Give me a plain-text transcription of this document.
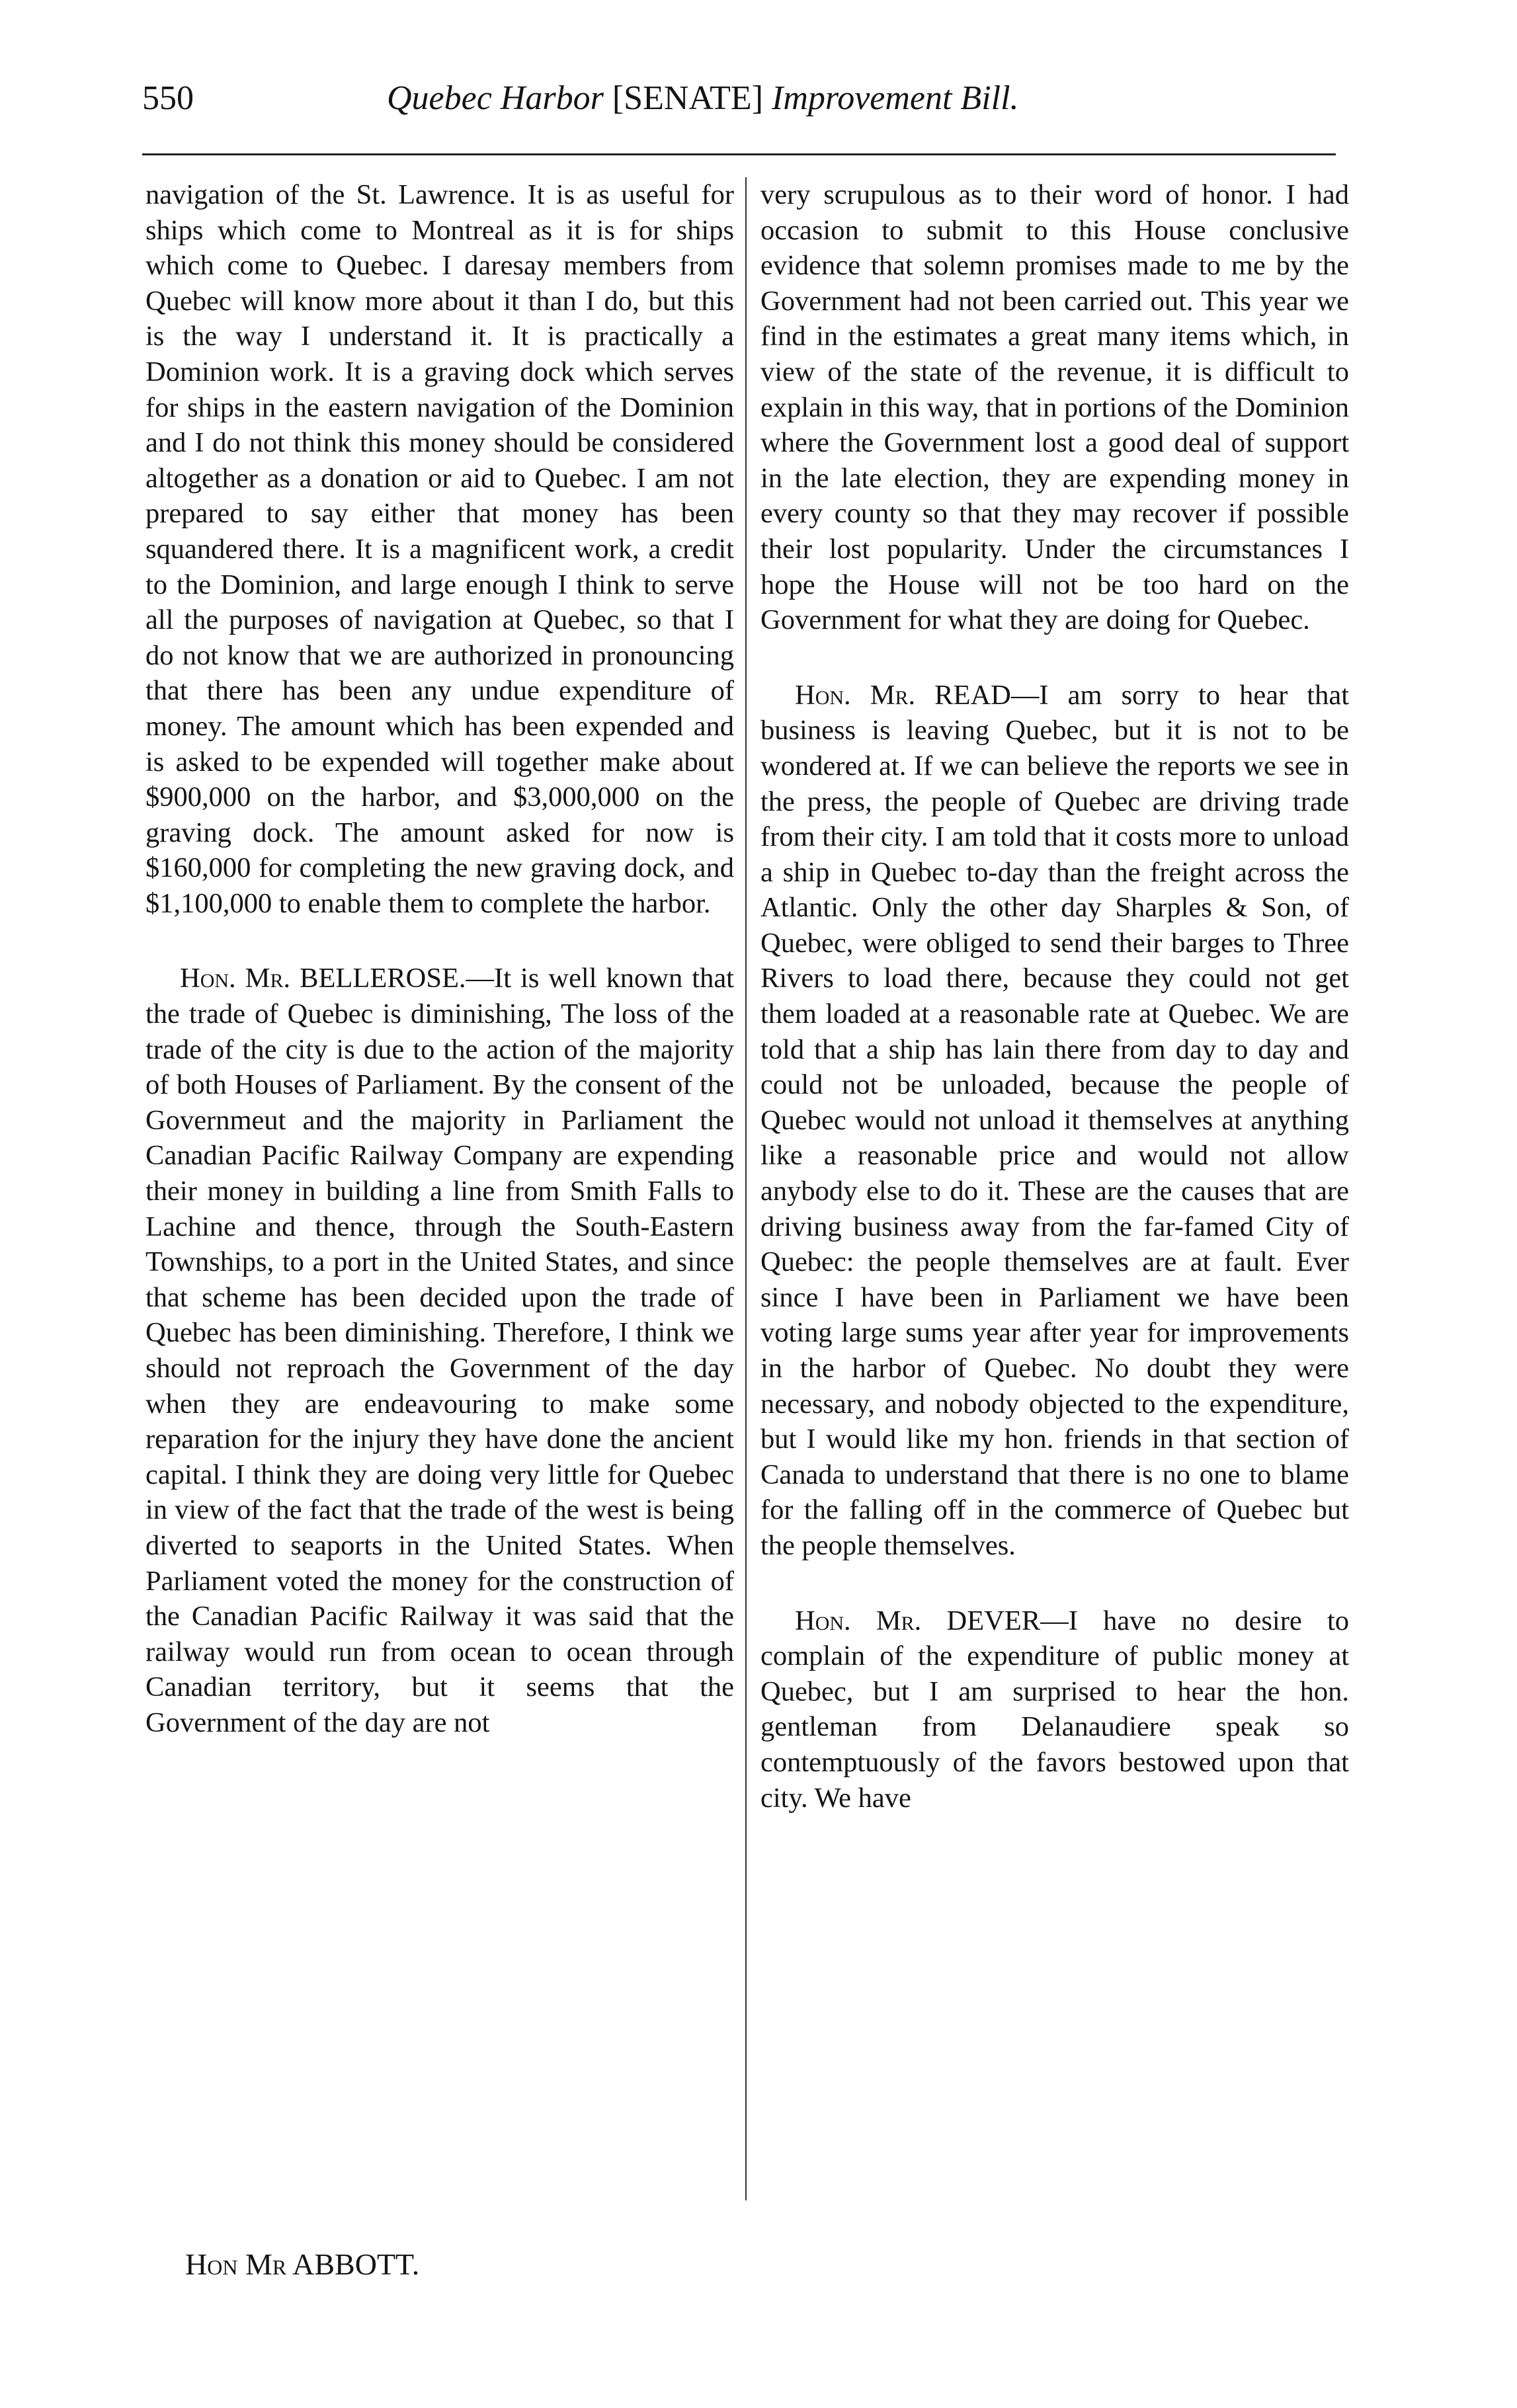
550	Quebec Harbor [SENATE] Improvement Bill.

navigation of the St. Lawrence. It is as useful for ships which come to Montreal as it is for ships which come to Quebec. I daresay members from Quebec will know more about it than I do, but this is the way I understand it. It is practically a Dominion work. It is a graving dock which serves for ships in the eastern navigation of the Dominion and I do not think this money should be considered altogether as a donation or aid to Quebec. I am not prepared to say either that money has been squandered there. It is a magnificent work, a credit to the Dominion, and large enough I think to serve all the purposes of navigation at Quebec, so that I do not know that we are authorized in pronouncing that there has been any undue expenditure of money. The amount which has been expended and is asked to be expended will together make about $900,000 on the harbor, and $3,000,000 on the graving dock. The amount asked for now is $160,000 for completing the new graving dock, and $1,100,000 to enable them to complete the harbor.

Hon. Mr. BELLEROSE.—It is well known that the trade of Quebec is diminishing, The loss of the trade of the city is due to the action of the majority of both Houses of Parliament. By the consent of the Governmeut and the majority in Parliament the Canadian Pacific Railway Company are expending their money in building a line from Smith Falls to Lachine and thence, through the South-Eastern Townships, to a port in the United States, and since that scheme has been decided upon the trade of Quebec has been diminishing. Therefore, I think we should not reproach the Government of the day when they are endeavouring to make some reparation for the injury they have done the ancient capital. I think they are doing very little for Quebec in view of the fact that the trade of the west is being diverted to seaports in the United States. When Parliament voted the money for the construction of the Canadian Pacific Railway it was said that the railway would run from ocean to ocean through Canadian territory, but it seems that the Government of the day are not

very scrupulous as to their word of honor. I had occasion to submit to this House conclusive evidence that solemn promises made to me by the Government had not been carried out. This year we find in the estimates a great many items which, in view of the state of the revenue, it is difficult to explain in this way, that in portions of the Dominion where the Government lost a good deal of support in the late election, they are expending money in every county so that they may recover if possible their lost popularity. Under the circumstances I hope the House will not be too hard on the Government for what they are doing for Quebec.

Hon. Mr. READ—I am sorry to hear that business is leaving Quebec, but it is not to be wondered at. If we can believe the reports we see in the press, the people of Quebec are driving trade from their city. I am told that it costs more to unload a ship in Quebec to-day than the freight across the Atlantic. Only the other day Sharples & Son, of Quebec, were obliged to send their barges to Three Rivers to load there, because they could not get them loaded at a reasonable rate at Quebec. We are told that a ship has lain there from day to day and could not be unloaded, because the people of Quebec would not unload it themselves at anything like a reasonable price and would not allow anybody else to do it. These are the causes that are driving business away from the far-famed City of Quebec: the people themselves are at fault. Ever since I have been in Parliament we have been voting large sums year after year for improvements in the harbor of Quebec. No doubt they were necessary, and nobody objected to the expenditure, but I would like my hon. friends in that section of Canada to understand that there is no one to blame for the falling off in the commerce of Quebec but the people themselves.

Hon. Mr. DEVER—I have no desire to complain of the expenditure of public money at Quebec, but I am surprised to hear the hon. gentleman from Delanaudiere speak so contemptuously of the favors bestowed upon that city. We have

Hon Mr ABBOTT.
